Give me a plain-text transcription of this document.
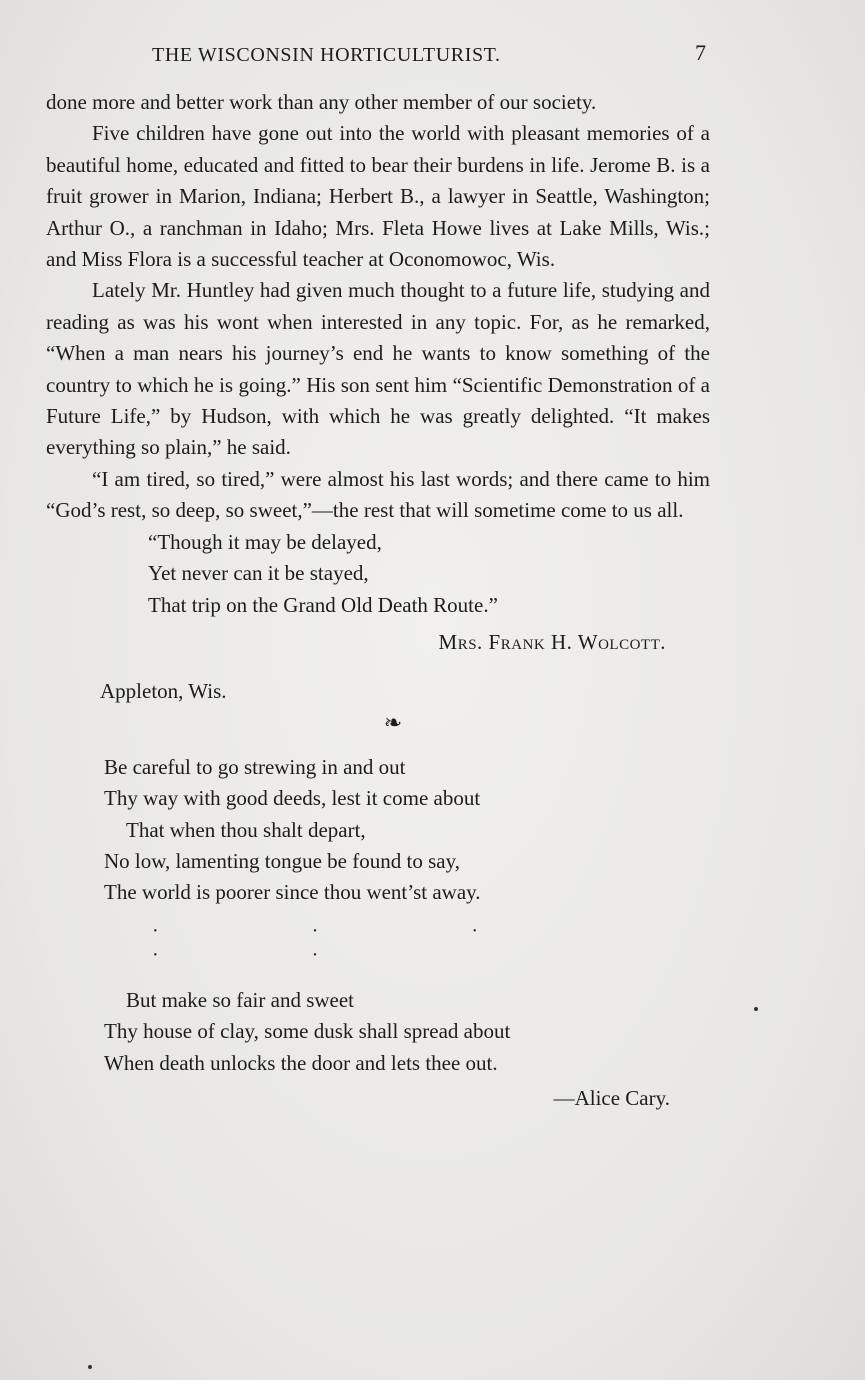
THE WISCONSIN HORTICULTURIST.	7

done more and better work than any other member of our society.

Five children have gone out into the world with pleasant memories of a beautiful home, educated and fitted to bear their burdens in life. Jerome B. is a fruit grower in Marion, Indiana; Herbert B., a lawyer in Seattle, Washington; Arthur O., a ranchman in Idaho; Mrs. Fleta Howe lives at Lake Mills, Wis.; and Miss Flora is a successful teacher at Oconomowoc, Wis.

Lately Mr. Huntley had given much thought to a future life, studying and reading as was his wont when interested in any topic. For, as he remarked, “When a man nears his journey’s end he wants to know something of the country to which he is going.” His son sent him “Scientific Demonstration of a Future Life,” by Hudson, with which he was greatly delighted. “It makes everything so plain,” he said.

“I am tired, so tired,” were almost his last words; and there came to him “God’s rest, so deep, so sweet,”—the rest that will sometime come to us all.

“Though it may be delayed,
Yet never can it be stayed,
That trip on the Grand Old Death Route.”
Mrs. Frank H. Wolcott.
Appleton, Wis.
❧
Be careful to go strewing in and out
Thy way with good deeds, lest it come about
That when thou shalt depart,
No low, lamenting tongue be found to say,
The world is poorer since thou went’st away.
· · · · ·
But make so fair and sweet
Thy house of clay, some dusk shall spread about
When death unlocks the door and lets thee out.
—Alice Cary.
